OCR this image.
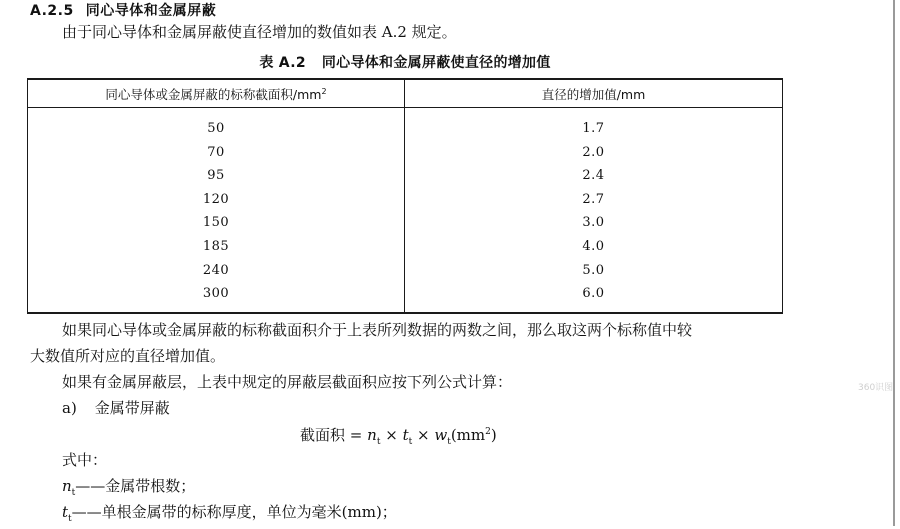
A.2.5 同心导体和金属屏蔽
由于同心导体和金属屏蔽使直径增加的数值如表 A.2 规定。
表 A.2 同心导体和金属屏蔽使直径的增加值
同心导体或金属屏蔽的标称截面积$/mm^2$	直径的增加值/mm
50	1.7
70	2.0
95	2.4
120	2.7
150	3.0
185	4.0
240	5.0
300	6.0
如果同心导体或金属屏蔽的标称截面积介于上表所列数据的两数之间，那么取这两个标称值中较
大数值所对应的直径增加值。
如果有金属屏蔽层，上表中规定的屏蔽层截面积应按下列公式计算：
a) 金属带屏蔽
截面积 = $n_t \times t_t \times w_t(mm^2)$
式中：
$n_t——$金属带根数；
$t_t——$单根金属带的标称厚度，单位为毫米(mm)；
360识图
